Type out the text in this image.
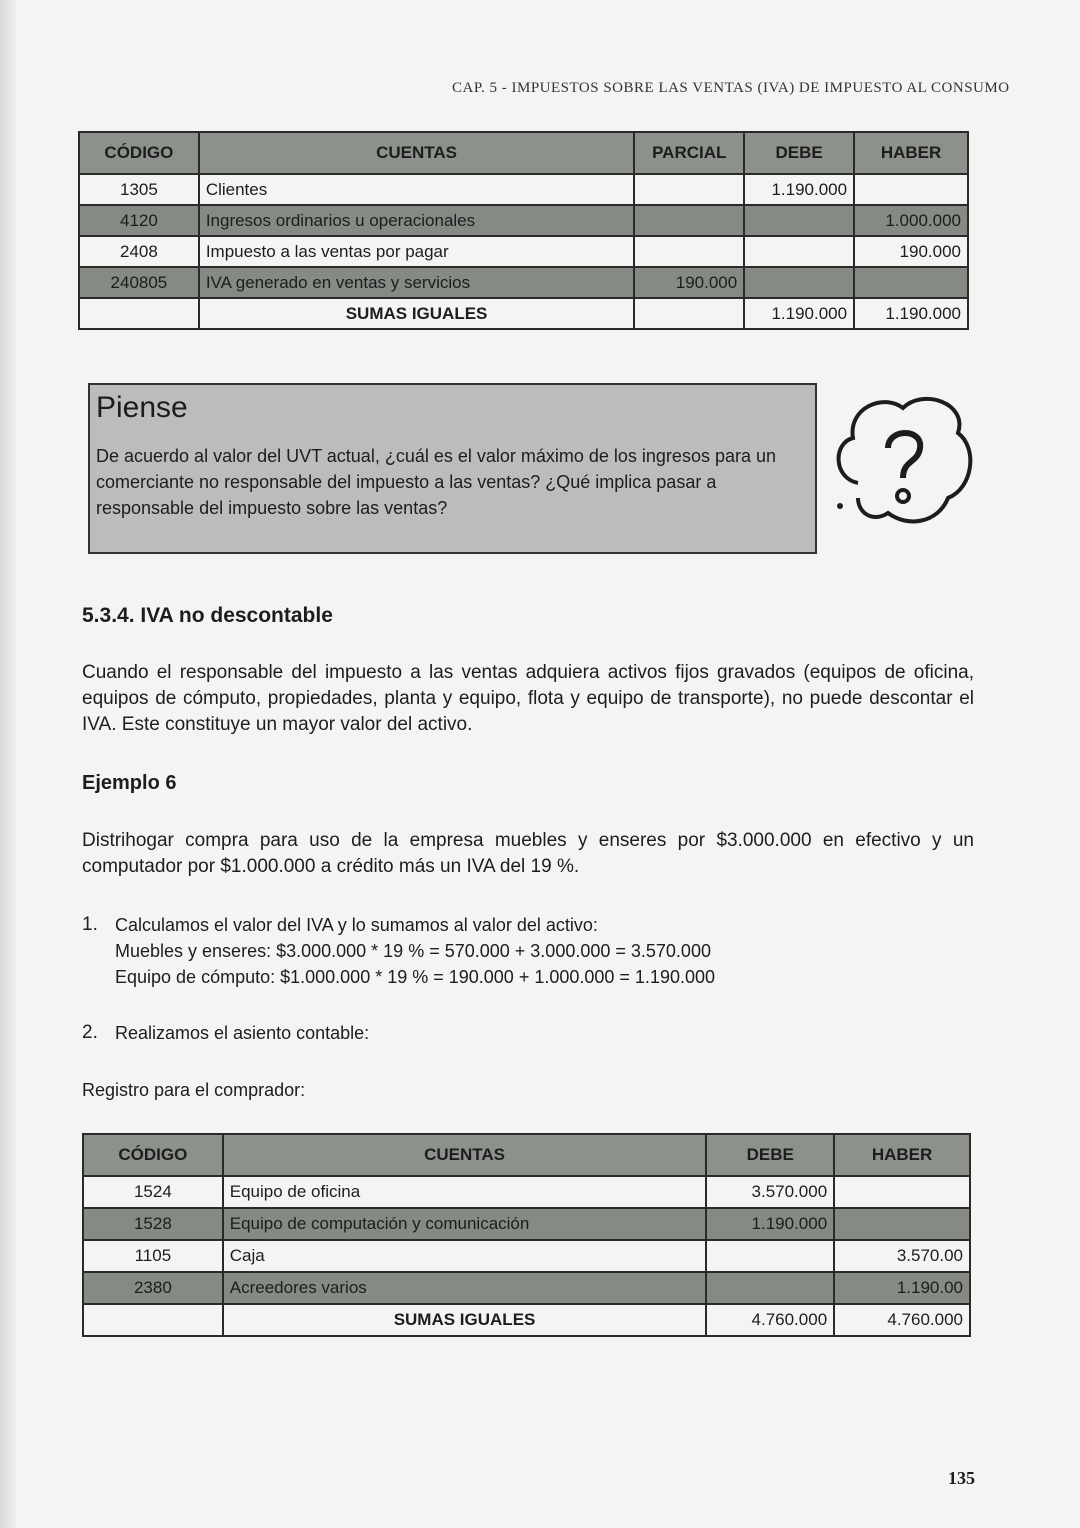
CAP. 5 - IMPUESTOS SOBRE LAS VENTAS (IVA) DE IMPUESTO AL CONSUMO
CÓDIGO	CUENTAS	PARCIAL	DEBE	HABER
1305	Clientes		1.190.000	
4120	Ingresos ordinarios u operacionales			1.000.000
2408	Impuesto a las ventas por pagar			190.000
240805	IVA generado en ventas y servicios	190.000		
	SUMAS IGUALES		1.190.000	1.190.000
Piense

De acuerdo al valor del UVT actual, ¿cuál es el valor máximo de los ingresos para un comerciante no responsable del impuesto a las ventas? ¿Qué implica pasar a responsable del impuesto sobre las ventas?

5.3.4. IVA no descontable
Cuando el responsable del impuesto a las ventas adquiera activos fijos gravados (equipos de oficina, equipos de cómputo, propiedades, planta y equipo, flota y equipo de transporte), no puede descontar el IVA. Este constituye un mayor valor del activo.
Ejemplo 6
Distrihogar compra para uso de la empresa muebles y enseres por $3.000.000 en efectivo y un computador por $1.000.000 a crédito más un IVA del 19 %.
1. Calculamos el valor del IVA y lo sumamos al valor del activo:
Muebles y enseres: $3.000.000 * 19 % = 570.000 + 3.000.000 = 3.570.000
Equipo de cómputo: $1.000.000 * 19 % = 190.000 + 1.000.000 = 1.190.000
2. Realizamos el asiento contable:
Registro para el comprador:
CÓDIGO	CUENTAS	DEBE	HABER
1524	Equipo de oficina	3.570.000	
1528	Equipo de computación y comunicación	1.190.000	
1105	Caja		3.570.00
2380	Acreedores varios		1.190.00
	SUMAS IGUALES	4.760.000	4.760.000
135
